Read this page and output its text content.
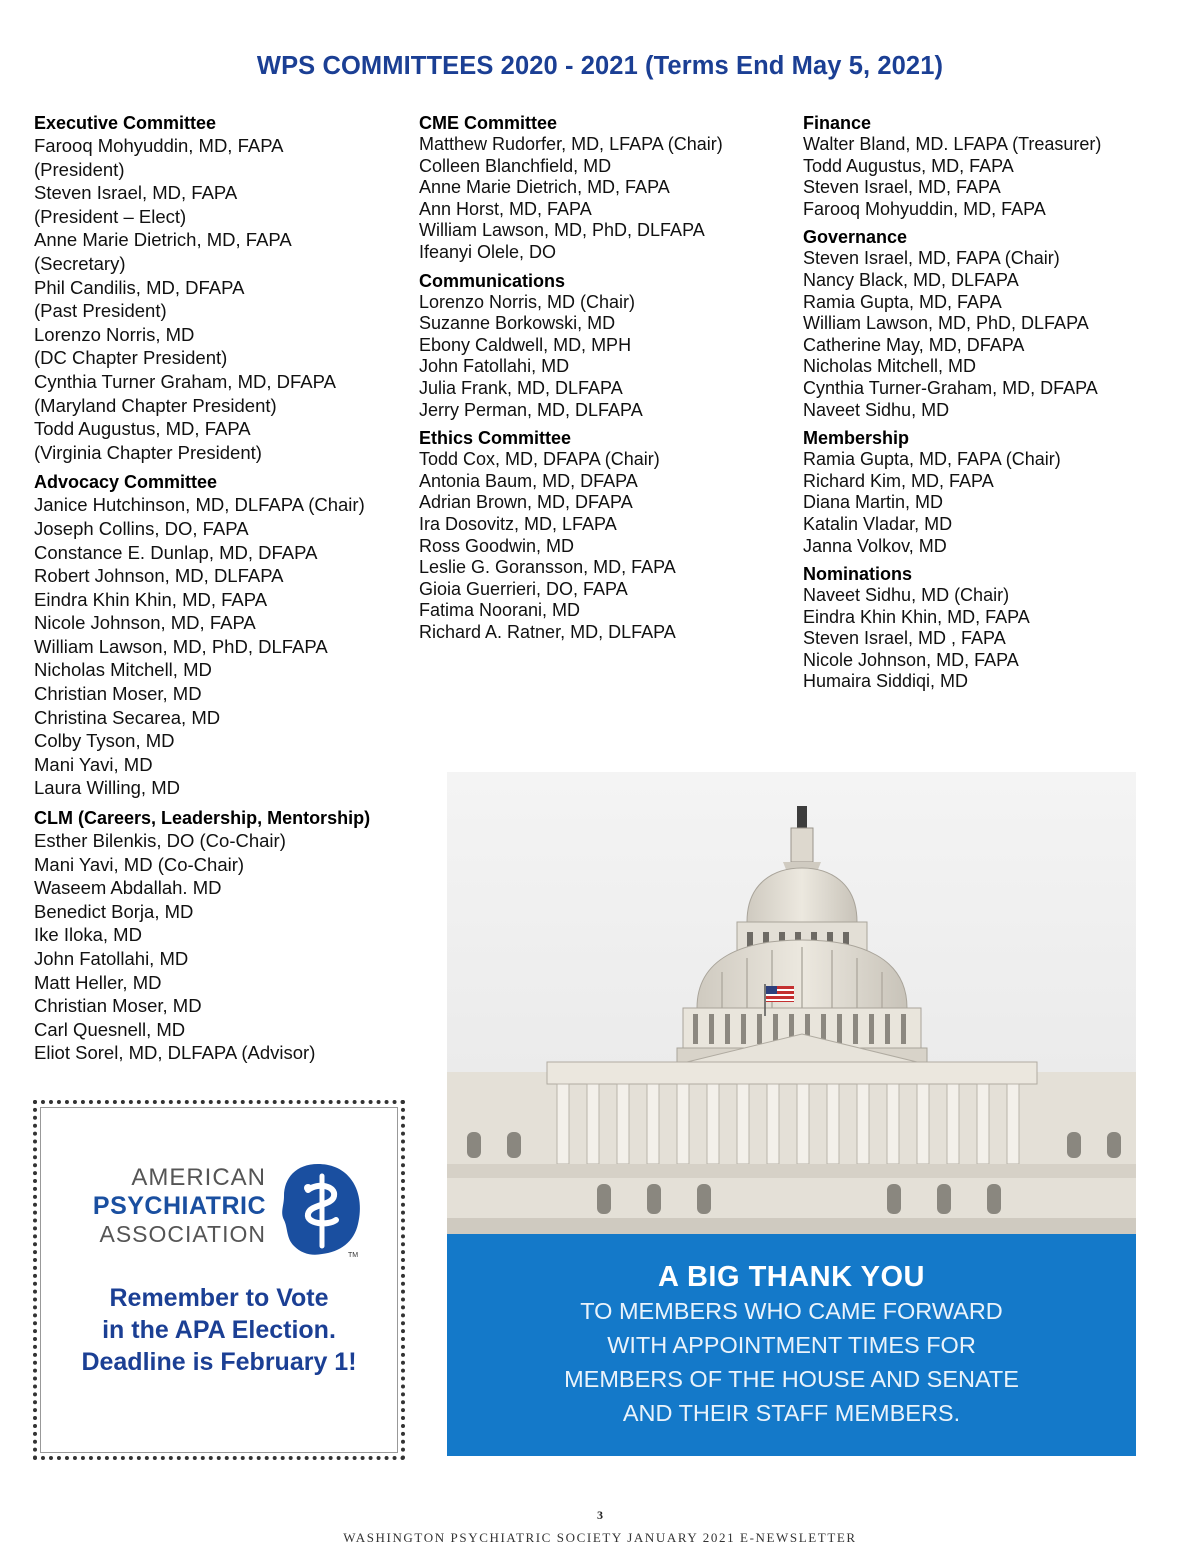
WPS COMMITTEES 2020 - 2021 (Terms End May 5, 2021)
Executive Committee
Farooq Mohyuddin, MD, FAPA
(President)
Steven Israel, MD, FAPA
(President – Elect)
Anne Marie Dietrich, MD, FAPA
(Secretary)
Phil Candilis, MD, DFAPA
(Past President)
Lorenzo Norris, MD
(DC Chapter President)
Cynthia Turner Graham, MD, DFAPA
(Maryland Chapter President)
Todd Augustus, MD, FAPA
(Virginia Chapter President)
Advocacy Committee
Janice Hutchinson, MD, DLFAPA (Chair)
Joseph Collins, DO, FAPA
Constance E. Dunlap, MD, DFAPA
Robert Johnson, MD, DLFAPA
Eindra Khin Khin, MD, FAPA
Nicole Johnson, MD, FAPA
William Lawson, MD, PhD, DLFAPA
Nicholas Mitchell, MD
Christian Moser, MD
Christina Secarea, MD
Colby Tyson, MD
Mani Yavi, MD
Laura Willing, MD
CLM (Careers, Leadership, Mentorship)
Esther Bilenkis, DO (Co-Chair)
Mani Yavi, MD (Co-Chair)
Waseem Abdallah. MD
Benedict Borja, MD
Ike Iloka, MD
John Fatollahi, MD
Matt Heller, MD
Christian Moser, MD
Carl Quesnell, MD
Eliot Sorel, MD, DLFAPA (Advisor)
CME Committee
Matthew Rudorfer, MD, LFAPA (Chair)
Colleen Blanchfield, MD
Anne Marie Dietrich, MD, FAPA
Ann Horst, MD, FAPA
William Lawson, MD, PhD, DLFAPA
Ifeanyi Olele, DO
Communications
Lorenzo Norris, MD (Chair)
Suzanne Borkowski, MD
Ebony Caldwell, MD, MPH
John Fatollahi, MD
Julia Frank, MD, DLFAPA
Jerry Perman, MD, DLFAPA
Ethics Committee
Todd Cox, MD, DFAPA (Chair)
Antonia Baum, MD, DFAPA
Adrian Brown, MD, DFAPA
Ira Dosovitz, MD, LFAPA
Ross Goodwin, MD
Leslie G. Goransson, MD, FAPA
Gioia Guerrieri, DO, FAPA
Fatima Noorani, MD
Richard A. Ratner, MD, DLFAPA
Finance
Walter Bland, MD. LFAPA (Treasurer)
Todd Augustus, MD, FAPA
Steven Israel, MD, FAPA
Farooq Mohyuddin, MD, FAPA
Governance
Steven Israel, MD, FAPA (Chair)
Nancy Black, MD, DLFAPA
Ramia Gupta, MD, FAPA
William Lawson, MD, PhD, DLFAPA
Catherine May, MD, DFAPA
Nicholas Mitchell, MD
Cynthia Turner-Graham, MD, DFAPA
Naveet Sidhu, MD
Membership
Ramia Gupta, MD, FAPA (Chair)
Richard Kim, MD, FAPA
Diana Martin, MD
Katalin Vladar, MD
Janna Volkov, MD
Nominations
Naveet Sidhu, MD (Chair)
Eindra Khin Khin, MD, FAPA
Steven Israel, MD , FAPA
Nicole Johnson, MD, FAPA
Humaira Siddiqi, MD
AMERICAN
PSYCHIATRIC
ASSOCIATION
TM
Remember to Vote
in the APA Election.
Deadline is February 1!
A BIG THANK YOU
TO MEMBERS WHO CAME FORWARD
WITH APPOINTMENT TIMES FOR
MEMBERS OF THE HOUSE AND SENATE
AND THEIR STAFF MEMBERS.
3
WASHINGTON PSYCHIATRIC SOCIETY JANUARY 2021 E-NEWSLETTER
